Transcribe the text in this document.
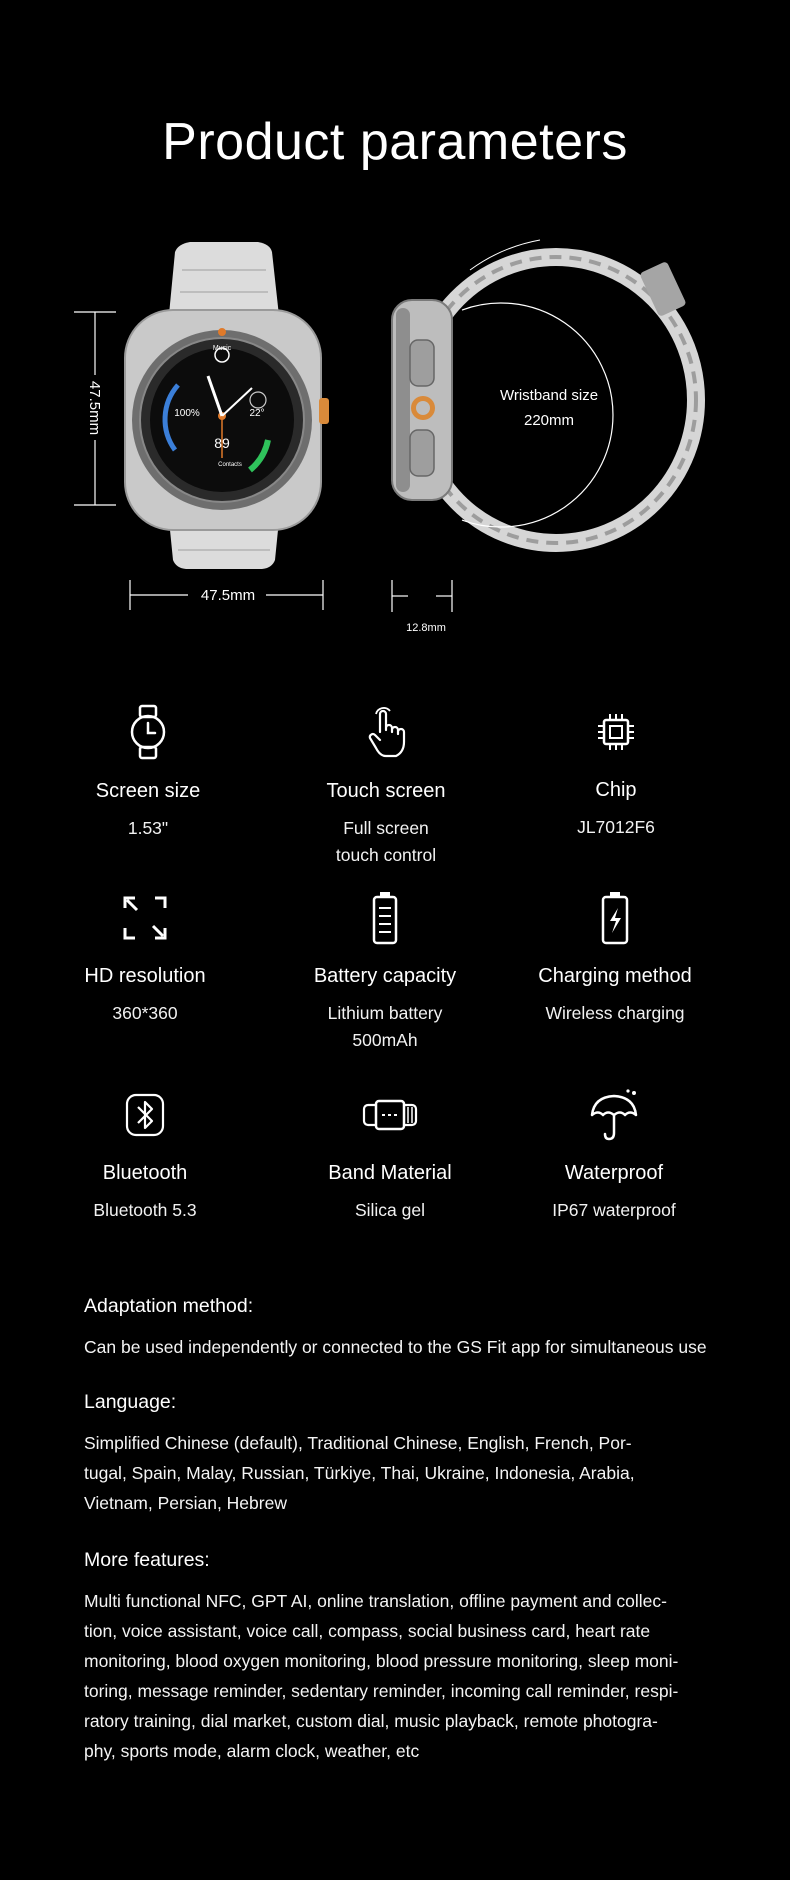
Product parameters
Music
100%	22°
89
Contacts
47.5mm
47.5mm
Wristband size
220mm
12.8mm
Screen size
1.53"
Touch screen
Full screen
touch control
Chip
JL7012F6
HD resolution
360*360
Battery capacity
Lithium battery
500mAh
Charging method
Wireless charging
Bluetooth
Bluetooth 5.3
Band Material
Silica gel
Waterproof
IP67 waterproof
Adaptation method:
Can be used independently or connected to the GS Fit app for simultaneous use
Language:
Simplified Chinese (default), Traditional Chinese, English, French, Por-
tugal, Spain, Malay, Russian, Türkiye, Thai, Ukraine, Indonesia, Arabia,
Vietnam, Persian, Hebrew
More features:
Multi functional NFC, GPT AI, online translation, offline payment and collec-
tion, voice assistant, voice call, compass, social business card, heart rate
monitoring, blood oxygen monitoring, blood pressure monitoring, sleep moni-
toring, message reminder, sedentary reminder, incoming call reminder, respi-
ratory training, dial market, custom dial, music playback, remote photogra-
phy, sports mode, alarm clock, weather, etc
